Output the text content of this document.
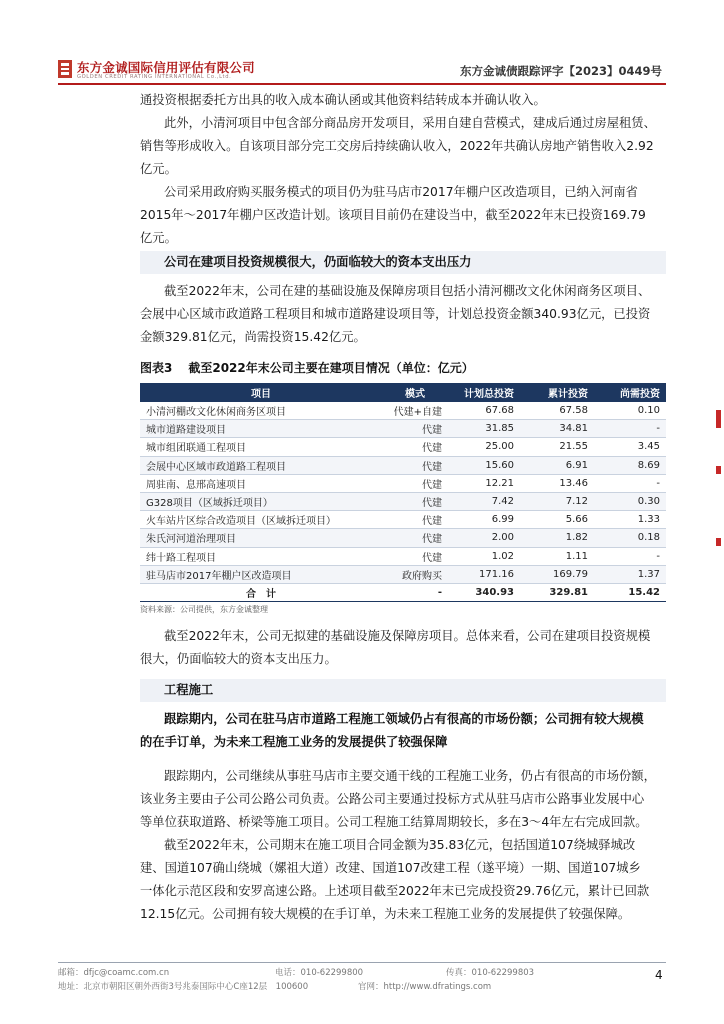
东方金诚国际信用评估有限公司
GOLDEN CREDIT RATING INTERNATIONAL Co.,Ltd.	东方金诚债跟踪评字【2023】0449号
通投资根据委托方出具的收入成本确认函或其他资料结转成本并确认收入。
此外，小清河项目中包含部分商品房开发项目，采用自建自营模式，建成后通过房屋租赁、
销售等形成收入。自该项目部分完工交房后持续确认收入，2022年共确认房地产销售收入2.92
亿元。
公司采用政府购买服务模式的项目仍为驻马店市2017年棚户区改造项目，已纳入河南省
2015年～2017年棚户区改造计划。该项目目前仍在建设当中，截至2022年末已投资169.79
亿元。
公司在建项目投资规模很大，仍面临较大的资本支出压力
截至2022年末，公司在建的基础设施及保障房项目包括小清河棚改文化休闲商务区项目、
会展中心区域市政道路工程项目和城市道路建设项目等，计划总投资金额340.93亿元，已投资
金额329.81亿元，尚需投资15.42亿元。
图表3 截至2022年末公司主要在建项目情况（单位：亿元）
项目	模式	计划总投资	累计投资	尚需投资
小清河棚改文化休闲商务区项目	代建+自建	67.68	67.58	0.10
城市道路建设项目	代建	31.85	34.81	-
城市组团联通工程项目	代建	25.00	21.55	3.45
会展中心区域市政道路工程项目	代建	15.60	6.91	8.69
周驻南、息邢高速项目	代建	12.21	13.46	-
G328项目（区域拆迁项目）	代建	7.42	7.12	0.30
火车站片区综合改造项目（区域拆迁项目）	代建	6.99	5.66	1.33
朱氏河河道治理项目	代建	2.00	1.82	0.18
纬十路工程项目	代建	1.02	1.11	-
驻马店市2017年棚户区改造项目	政府购买	171.16	169.79	1.37
合　计	-	340.93	329.81	15.42
资料来源：公司提供，东方金诚整理
截至2022年末，公司无拟建的基础设施及保障房项目。总体来看，公司在建项目投资规模
很大，仍面临较大的资本支出压力。
工程施工
跟踪期内，公司在驻马店市道路工程施工领域仍占有很高的市场份额；公司拥有较大规模
的在手订单，为未来工程施工业务的发展提供了较强保障
跟踪期内，公司继续从事驻马店市主要交通干线的工程施工业务，仍占有很高的市场份额，
该业务主要由子公司公路公司负责。公路公司主要通过投标方式从驻马店市公路事业发展中心
等单位获取道路、桥梁等施工项目。公司工程施工结算周期较长，多在3～4年左右完成回款。
截至2022年末，公司期末在施工项目合同金额为35.83亿元，包括国道107绕城驿城改
建、国道107确山绕城（嫘祖大道）改建、国道107改建工程（遂平境）一期、国道107城乡
一体化示范区段和安罗高速公路。上述项目截至2022年末已完成投资29.76亿元，累计已回款
12.15亿元。公司拥有较大规模的在手订单，为未来工程施工业务的发展提供了较强保障。
邮箱：dfjc@coamc.com.cn	电话：010-62299800	传真：010-62299803
地址：北京市朝阳区朝外西街3号兆泰国际中心C座12层　100600	官网：http://www.dfratings.com
4
